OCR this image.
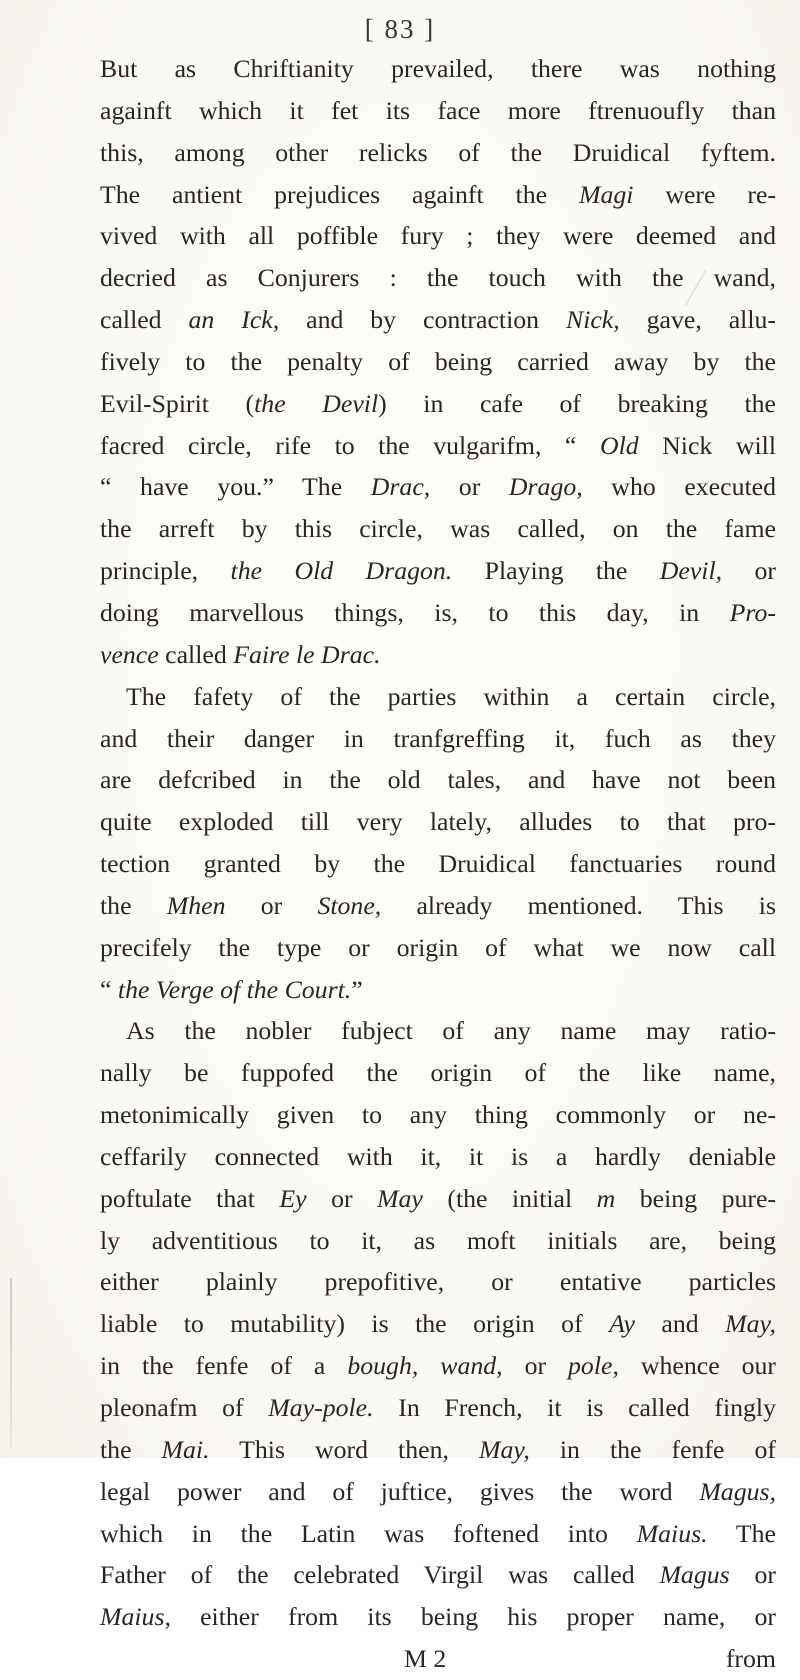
[ 83 ]
But as Chriftianity prevailed, there was nothing
againft which it fet its face more ftrenuoufly than
this, among other relicks of the Druidical fyftem.
The antient prejudices againft the Magi were re-
vived with all poffible fury ; they were deemed and
decried as Conjurers : the touch with the wand,
called an Ick, and by contraction Nick, gave, allu-
fively to the penalty of being carried away by the
Evil-Spirit (the Devil) in cafe of breaking the
facred circle, rife to the vulgarifm, “ Old Nick will
“ have you.” The Drac, or Drago, who executed
the arreft by this circle, was called, on the fame
principle, the Old Dragon. Playing the Devil, or
doing marvellous things, is, to this day, in Pro-
vence called Faire le Drac.
The fafety of the parties within a certain circle,
and their danger in tranfgreffing it, fuch as they
are defcribed in the old tales, and have not been
quite exploded till very lately, alludes to that pro-
tection granted by the Druidical fanctuaries round
the Mhen or Stone, already mentioned. This is
precifely the type or origin of what we now call
“ the Verge of the Court.”
As the nobler fubject of any name may ratio-
nally be fuppofed the origin of the like name,
metonimically given to any thing commonly or ne-
ceffarily connected with it, it is a hardly deniable
poftulate that Ey or May (the initial m being pure-
ly adventitious to it, as moft initials are, being
either plainly prepofitive, or entative particles
liable to mutability) is the origin of Ay and May,
in the fenfe of a bough, wand, or pole, whence our
pleonafm of May-pole. In French, it is called fingly
the Mai. This word then, May, in the fenfe of
legal power and of juftice, gives the word Magus,
which in the Latin was foftened into Maius. The
Father of the celebrated Virgil was called Magus or
Maius, either from its being his proper name, or
M 2	from
